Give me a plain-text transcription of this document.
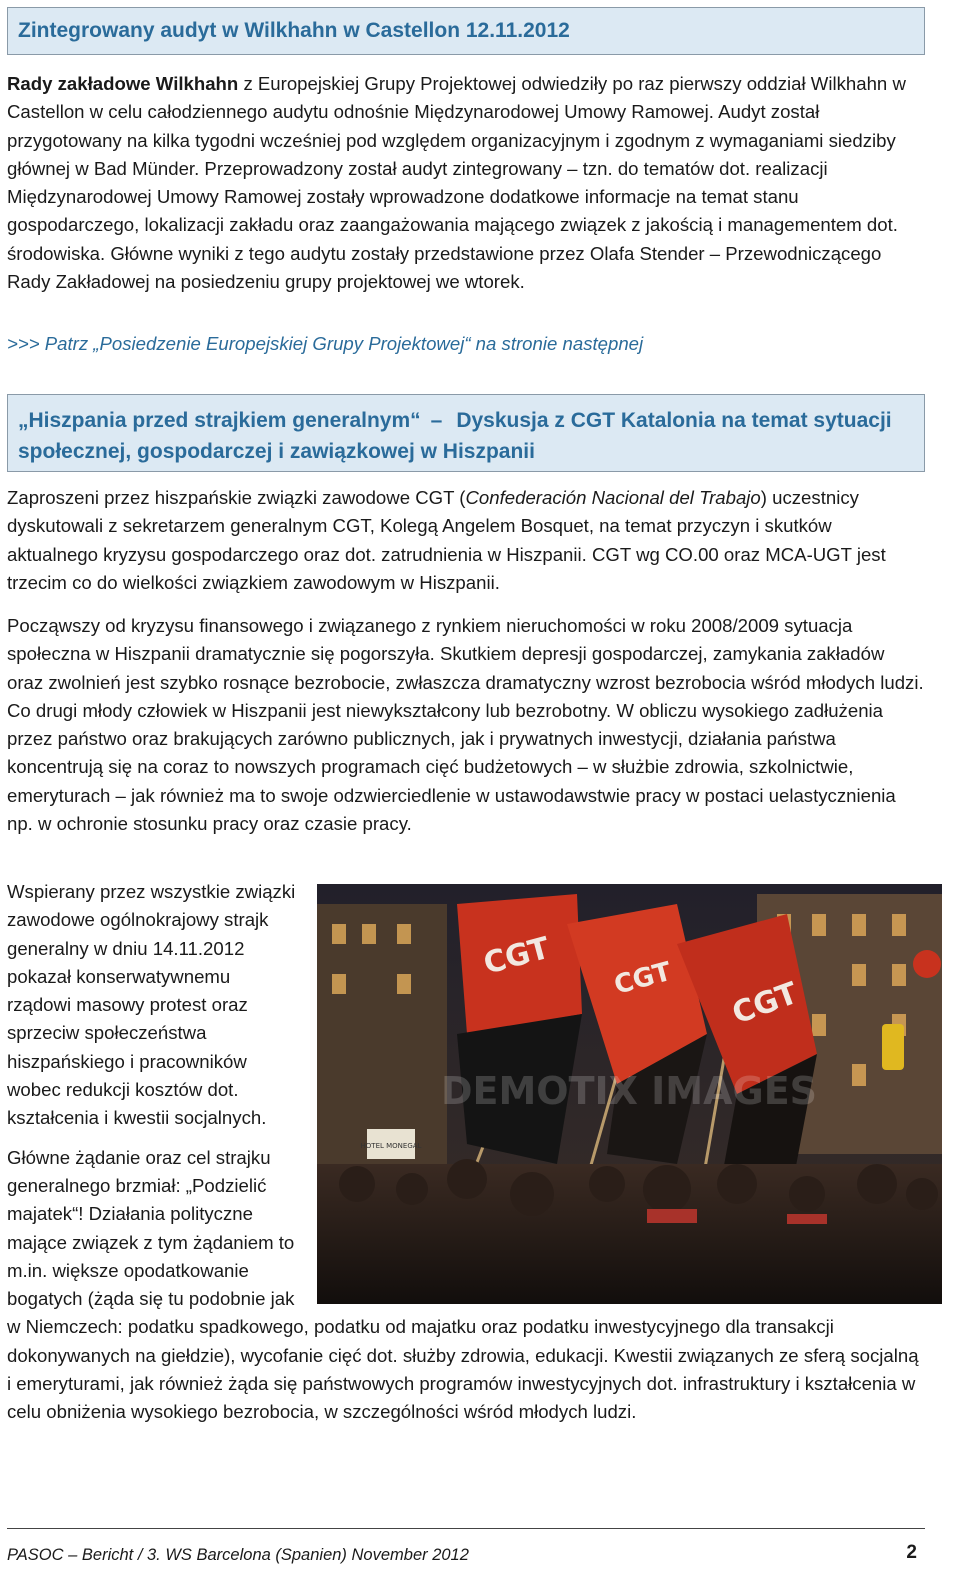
Zintegrowany audyt w Wilkhahn w Castellon 12.11.2012

Rady zakładowe Wilkhahn z Europejskiej Grupy Projektowej odwiedziły po raz pierwszy oddział Wilkhahn w Castellon w celu całodziennego audytu odnośnie Międzynarodowej Umowy Ramowej. Audyt został przygotowany na kilka tygodni wcześniej pod względem organizacyjnym i zgodnym z wymaganiami siedziby głównej w Bad Münder. Przeprowadzony został audyt zintegrowany – tzn. do tematów dot. realizacji Międzynarodowej Umowy Ramowej zostały wprowadzone dodatkowe informacje na temat stanu gospodarczego, lokalizacji zakładu oraz zaangażowania mającego związek z jakością i managementem dot. środowiska. Główne wyniki z tego audytu zostały przedstawione przez Olafa Stender – Przewodniczącego Rady Zakładowej na posiedzeniu grupy projektowej we wtorek.

>>> Patrz „Posiedzenie Europejskiej Grupy Projektowej“ na stronie następnej
„Hiszpania przed strajkiem generalnym“ – Dyskusja z CGT Katalonia na temat sytuacji społecznej, gospodarczej i zawiązkowej w Hiszpanii

Zaproszeni przez hiszpańskie związki zawodowe CGT (Confederación Nacional del Trabajo) uczestnicy dyskutowali z sekretarzem generalnym CGT, Kolegą Angelem Bosquet, na temat przyczyn i skutków aktualnego kryzysu gospodarczego oraz dot. zatrudnienia w Hiszpanii. CGT wg CO.00 oraz MCA-UGT jest trzecim co do wielkości związkiem zawodowym w Hiszpanii.

Począwszy od kryzysu finansowego i związanego z rynkiem nieruchomości w roku 2008/2009 sytuacja społeczna w Hiszpanii dramatycznie się pogorszyła. Skutkiem depresji gospodarczej, zamykania zakładów oraz zwolnień jest szybko rosnące bezrobocie, zwłaszcza dramatyczny wzrost bezrobocia wśród młodych ludzi. Co drugi młody człowiek w Hiszpanii jest niewykształcony lub bezrobotny. W obliczu wysokiego zadłużenia przez państwo oraz brakujących zarówno publicznych, jak i prywatnych inwestycji, działania państwa koncentrują się na coraz to nowszych programach cięć budżetowych – w służbie zdrowia, szkolnictwie, emeryturach – jak również ma to swoje odzwierciedlenie w ustawodawstwie pracy w postaci uelastycznienia np. w ochronie stosunku pracy oraz czasie pracy.

HOTEL MONEGAL
CGT CGT CGT
DEMOTIX IMAGES

Wspierany przez wszystkie związki zawodowe ogólnokrajowy strajk generalny w dniu 14.11.2012 pokazał konserwatywnemu rządowi masowy protest oraz sprzeciw społeczeństwa hiszpańskiego i pracowników wobec redukcji kosztów dot. kształcenia i kwestii socjalnych.

Główne żądanie oraz cel strajku generalnego brzmiał: „Podzielić majatek“! Działania polityczne mające związek z tym żądaniem to m.in. większe opodatkowanie bogatych (żąda się tu podobnie jak w Niemczech: podatku spadkowego, podatku od majatku oraz podatku inwestycyjnego dla transakcji dokonywanych na giełdzie), wycofanie cięć dot. służby zdrowia, edukacji. Kwestii związanych ze sferą socjalną i emeryturami, jak również żąda się państwowych programów inwestycyjnych dot. infrastruktury i kształcenia w celu obniżenia wysokiego bezrobocia, w szczególności wśród młodych ludzi.

PASOC – Bericht / 3. WS Barcelona (Spanien) November 2012	2
